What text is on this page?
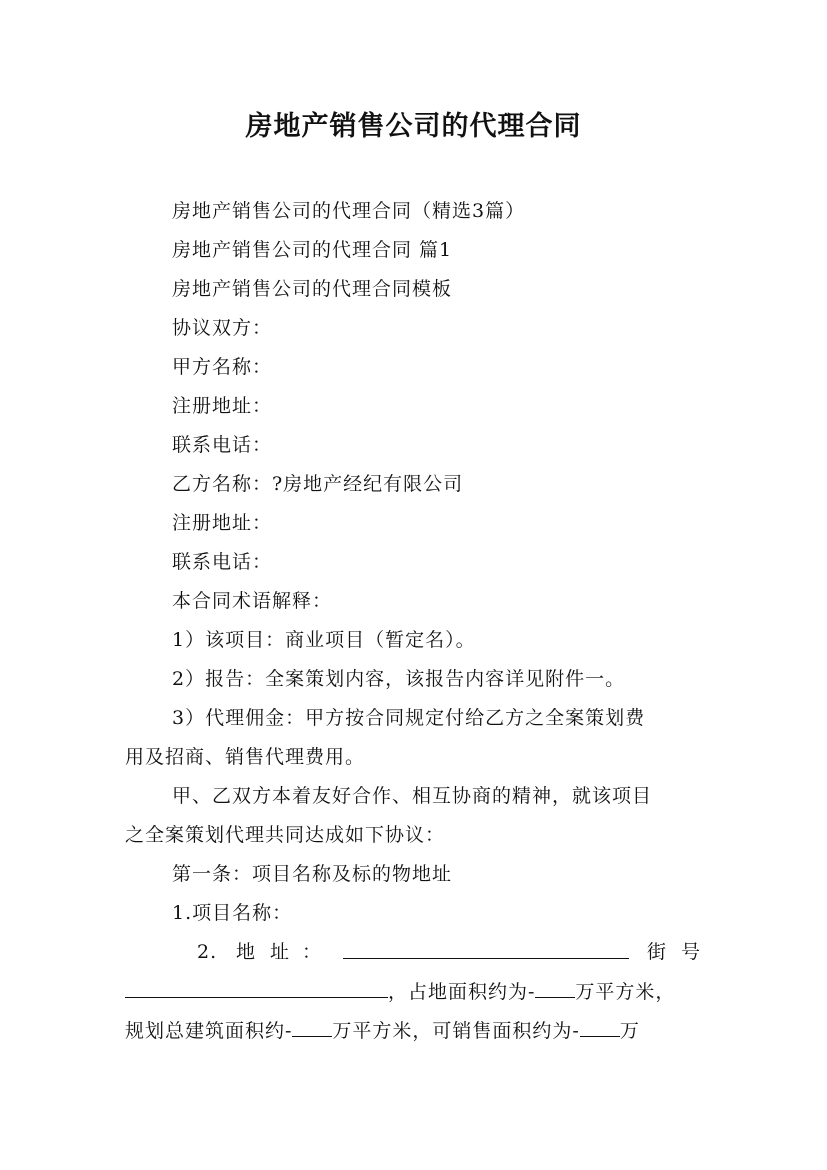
房地产销售公司的代理合同
房地产销售公司的代理合同（精选3篇）
房地产销售公司的代理合同 篇1
房地产销售公司的代理合同模板
协议双方：
甲方名称：
注册地址：
联系电话：
乙方名称：?房地产经纪有限公司
注册地址：
联系电话：
本合同术语解释：
1）该项目：商业项目（暂定名）。
2）报告：全案策划内容，该报告内容详见附件一。
3）代理佣金：甲方按合同规定付给乙方之全案策划费
用及招商、销售代理费用。
甲、乙双方本着友好合作、相互协商的精神，就该项目
之全案策划代理共同达成如下协议：
第一条：项目名称及标的物地址
1.项目名称：
2. 地 址 ：	街 号
，占地面积约为- 万平方米，
规划总建筑面积约- 万平方米，可销售面积约为- 万
